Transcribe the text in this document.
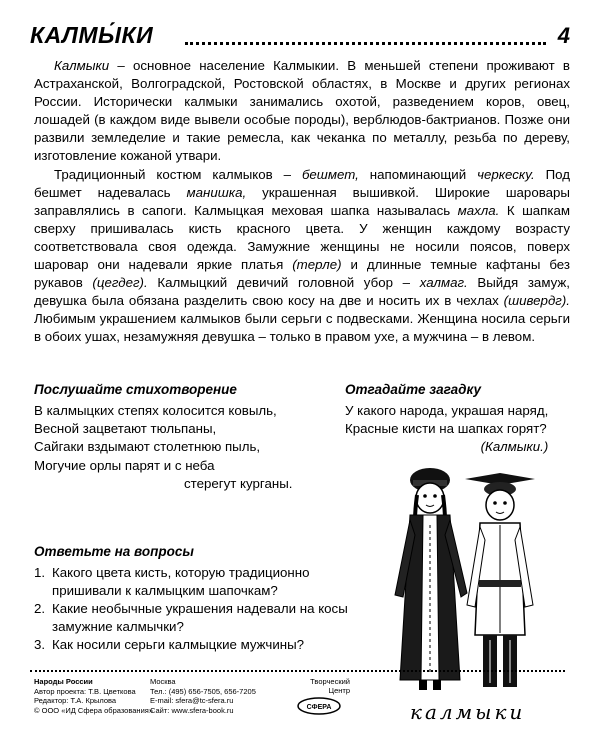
КАЛМЫ́КИ	4

Калмыки – основное население Калмыкии. В меньшей степени проживают в Астраханской, Волгоградской, Ростовской областях, в Москве и других регионах России. Исторически калмыки занимались охотой, разведением коров, овец, лошадей (в каждом виде вывели особые породы), верблюдов-бактрианов. Позже они развили земледелие и такие ремесла, как чеканка по металлу, резьба по дереву, изготовление кожаной утвари.

Традиционный костюм калмыков – бешмет, напоминающий черкеску. Под бешмет надевалась манишка, украшенная вышивкой. Широкие шаровары заправлялись в сапоги. Калмыцкая меховая шапка называлась махла. К шапкам сверху пришивалась кисть красного цвета. У женщин каждому возрасту соответствовала своя одежда. Замужние женщины не носили поясов, поверх шаровар они надевали яркие платья (терле) и длинные темные кафтаны без рукавов (цегдег). Калмыцкий девичий головной убор – халмаг. Выйдя замуж, девушка была обязана разделить свою косу на две и носить их в чехлах (шивердг). Любимым украшением калмыков были серьги с подвесками. Женщина носила серьги в обоих ушах, незамужняя девушка – только в правом ухе, а мужчина – в левом.

Послушайте стихотворение
В калмыцких степях колосится ковыль,
Весной зацветают тюльпаны,
Сайгаки вздымают столетнюю пыль,
Могучие орлы парят и с неба
стерегут курганы.
Отгадайте загадку
У какого народа, украшая наряд,
Красные кисти на шапках горят?
(Калмыки.)
Ответьте на вопросы
1. Какого цвета кисть, которую традиционно пришивали к калмыцким шапочкам?
2. Какие необычные украшения надевали на косы замужние калмычки?
3. Как носили серьги калмыцкие мужчины?
Народы России
Автор проекта: Т.В. Цветкова
Редактор: Т.А. Крылова
© ООО «ИД Сфера образования»
Москва
Тел.: (495) 656-7505, 656-7205
E-mail: sfera@tc-sfera.ru
Сайт: www.sfera-book.ru
Творческий
Центр
СФЕРА	калмыки
